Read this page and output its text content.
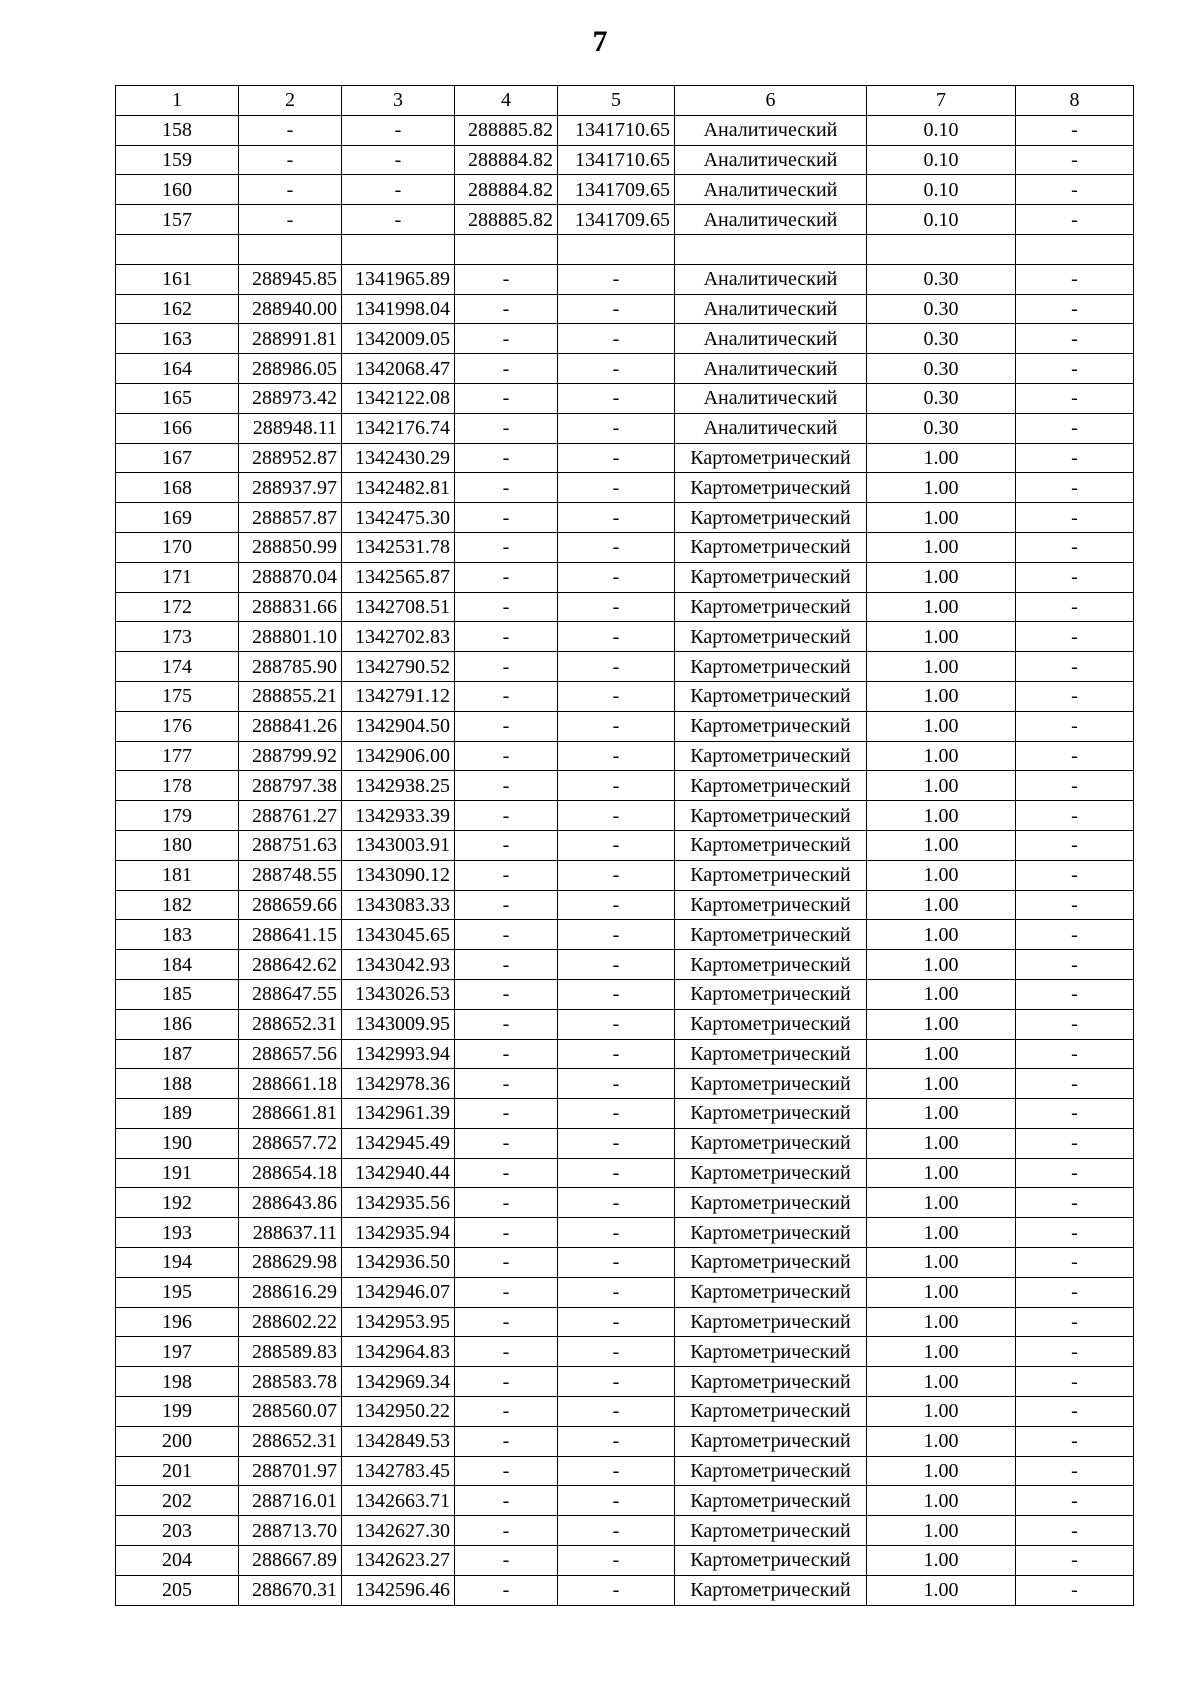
7
1	2	3	4	5	6	7	8
158	-	-	288885.82	1341710.65	Аналитический	0.10	-
159	-	-	288884.82	1341710.65	Аналитический	0.10	-
160	-	-	288884.82	1341709.65	Аналитический	0.10	-
157	-	-	288885.82	1341709.65	Аналитический	0.10	-

161	288945.85	1341965.89	-	-	Аналитический	0.30	-
162	288940.00	1341998.04	-	-	Аналитический	0.30	-
163	288991.81	1342009.05	-	-	Аналитический	0.30	-
164	288986.05	1342068.47	-	-	Аналитический	0.30	-
165	288973.42	1342122.08	-	-	Аналитический	0.30	-
166	288948.11	1342176.74	-	-	Аналитический	0.30	-
167	288952.87	1342430.29	-	-	Картометрический	1.00	-
168	288937.97	1342482.81	-	-	Картометрический	1.00	-
169	288857.87	1342475.30	-	-	Картометрический	1.00	-
170	288850.99	1342531.78	-	-	Картометрический	1.00	-
171	288870.04	1342565.87	-	-	Картометрический	1.00	-
172	288831.66	1342708.51	-	-	Картометрический	1.00	-
173	288801.10	1342702.83	-	-	Картометрический	1.00	-
174	288785.90	1342790.52	-	-	Картометрический	1.00	-
175	288855.21	1342791.12	-	-	Картометрический	1.00	-
176	288841.26	1342904.50	-	-	Картометрический	1.00	-
177	288799.92	1342906.00	-	-	Картометрический	1.00	-
178	288797.38	1342938.25	-	-	Картометрический	1.00	-
179	288761.27	1342933.39	-	-	Картометрический	1.00	-
180	288751.63	1343003.91	-	-	Картометрический	1.00	-
181	288748.55	1343090.12	-	-	Картометрический	1.00	-
182	288659.66	1343083.33	-	-	Картометрический	1.00	-
183	288641.15	1343045.65	-	-	Картометрический	1.00	-
184	288642.62	1343042.93	-	-	Картометрический	1.00	-
185	288647.55	1343026.53	-	-	Картометрический	1.00	-
186	288652.31	1343009.95	-	-	Картометрический	1.00	-
187	288657.56	1342993.94	-	-	Картометрический	1.00	-
188	288661.18	1342978.36	-	-	Картометрический	1.00	-
189	288661.81	1342961.39	-	-	Картометрический	1.00	-
190	288657.72	1342945.49	-	-	Картометрический	1.00	-
191	288654.18	1342940.44	-	-	Картометрический	1.00	-
192	288643.86	1342935.56	-	-	Картометрический	1.00	-
193	288637.11	1342935.94	-	-	Картометрический	1.00	-
194	288629.98	1342936.50	-	-	Картометрический	1.00	-
195	288616.29	1342946.07	-	-	Картометрический	1.00	-
196	288602.22	1342953.95	-	-	Картометрический	1.00	-
197	288589.83	1342964.83	-	-	Картометрический	1.00	-
198	288583.78	1342969.34	-	-	Картометрический	1.00	-
199	288560.07	1342950.22	-	-	Картометрический	1.00	-
200	288652.31	1342849.53	-	-	Картометрический	1.00	-
201	288701.97	1342783.45	-	-	Картометрический	1.00	-
202	288716.01	1342663.71	-	-	Картометрический	1.00	-
203	288713.70	1342627.30	-	-	Картометрический	1.00	-
204	288667.89	1342623.27	-	-	Картометрический	1.00	-
205	288670.31	1342596.46	-	-	Картометрический	1.00	-
